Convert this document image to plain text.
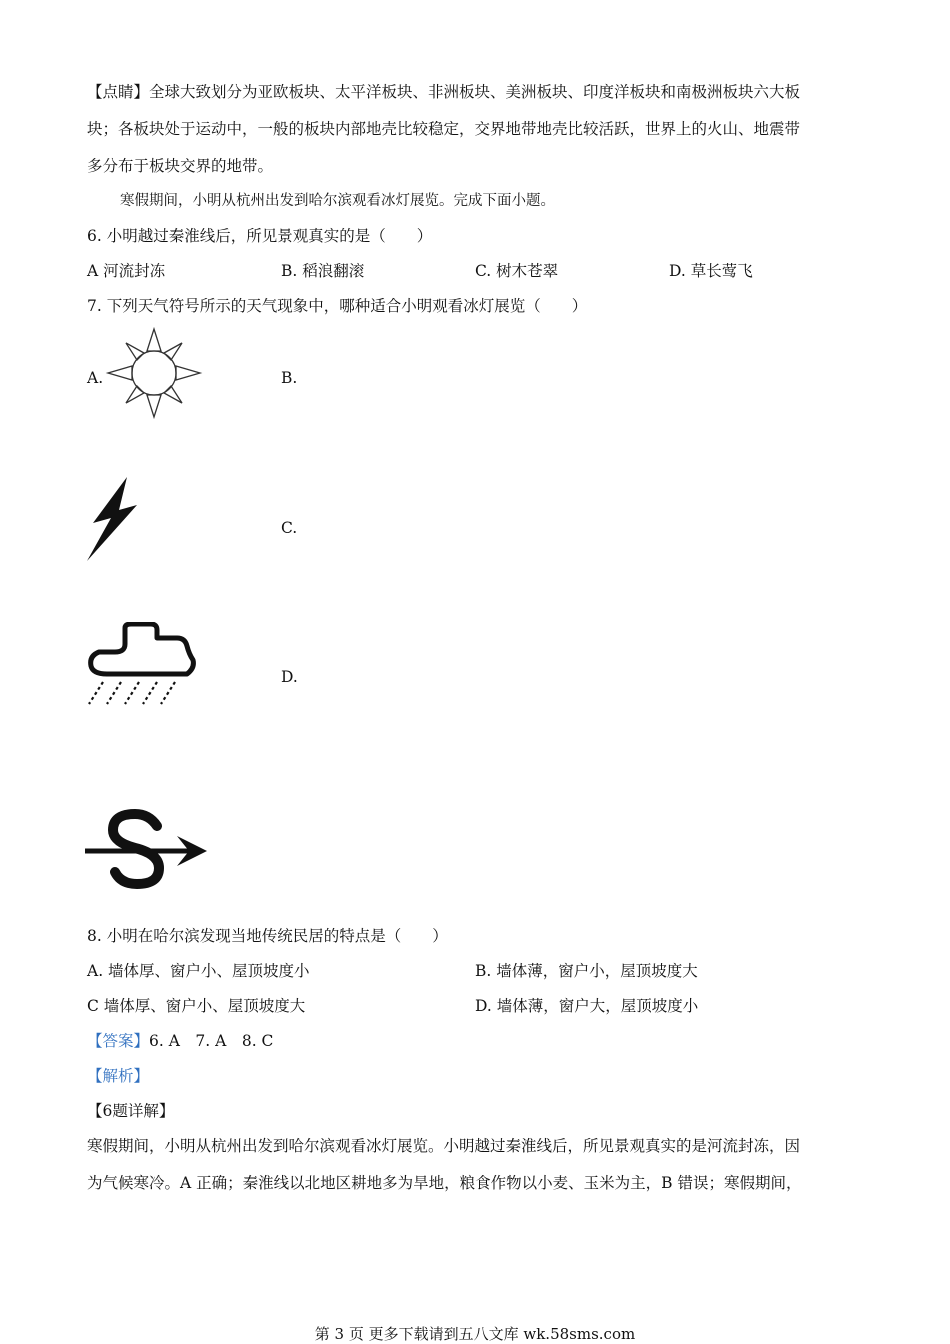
【点睛】全球大致划分为亚欧板块、太平洋板块、非洲板块、美洲板块、印度洋板块和南极洲板块六大板
块；各板块处于运动中，一般的板块内部地壳比较稳定，交界地带地壳比较活跃，世界上的火山、地震带
多分布于板块交界的地带。
寒假期间，小明从杭州出发到哈尔滨观看冰灯展览。完成下面小题。
6. 小明越过秦淮线后，所见景观真实的是（　　）
A 河流封冻	B. 稻浪翻滚	C. 树木苍翠	D. 草长莺飞
7. 下列天气符号所示的天气现象中，哪种适合小明观看冰灯展览（　　）
A.	B.
C.
D.
8. 小明在哈尔滨发现当地传统民居的特点是（　　）
A. 墙体厚、窗户小、屋顶坡度小	B. 墙体薄，窗户小，屋顶坡度大
C 墙体厚、窗户小、屋顶坡度大	D. 墙体薄，窗户大，屋顶坡度小
【答案】6. A　7. A　8. C
【解析】
【6题详解】
寒假期间，小明从杭州出发到哈尔滨观看冰灯展览。小明越过秦淮线后，所见景观真实的是河流封冻，因
为气候寒冷。A 正确；秦淮线以北地区耕地多为旱地，粮食作物以小麦、玉米为主，B 错误；寒假期间，
第 3 页 更多下载请到五八文库 wk.58sms.com
